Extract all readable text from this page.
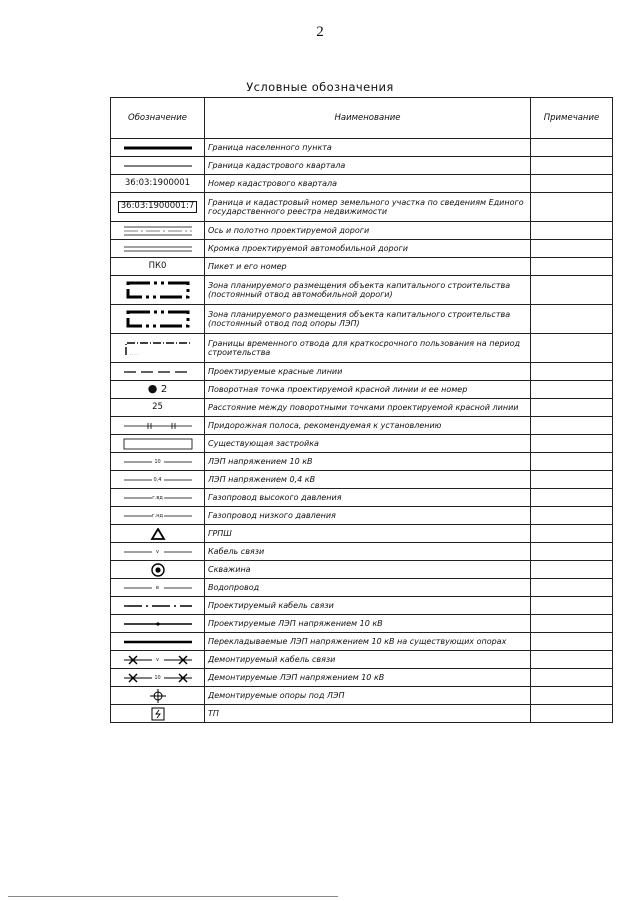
2
Условные обозначения
Обозначение	Наименование	Примечание

	Граница населенного пункта	

	Граница кадастрового квартала	
36:03:1900001	Номер кадастрового квартала	
36:03:1900001:7	Граница и кадастровый номер земельного участка по сведениям Единого государственного реестра недвижимости	

	Ось и полотно проектируемой дороги	

	Кромка проектируемой автомобильной дороги	
ПК0	Пикет и его номер	

	Зона планируемого размещения объекта капитального строительства (постоянный отвод автомобильной дороги)	

	Зона планируемого размещения объекта капитального строительства (постоянный отвод под опоры ЛЭП)	

· · · ·	Границы временного отвода для краткосрочного пользования на период строительства	

	Проектируемые красные линии	
● 2	Поворотная точка проектируемой красной линии и ее номер	
25	Расстояние между поворотными точками проектируемой красной линии	

	Придорожная полоса, рекомендуемая к установлению	

	Существующая застройка	

10	ЛЭП напряжением 10 кВ	

0,4	ЛЭП напряжением 0,4 кВ	

г.вд	Газопровод высокого давления	

г.нд	Газопровод низкого давления	

	ГРПШ	

v	Кабель связи	

	Скважина	

в	Водопровод	

	Проектируемый кабель связи	

	Проектируемые ЛЭП напряжением 10 кВ	

	Перекладываемые ЛЭП напряжением 10 кВ на существующих опорах	

v	Демонтируемый кабель связи	

10	Демонтируемые ЛЭП напряжением 10 кВ	

	Демонтируемые опоры под ЛЭП	

	ТП	
